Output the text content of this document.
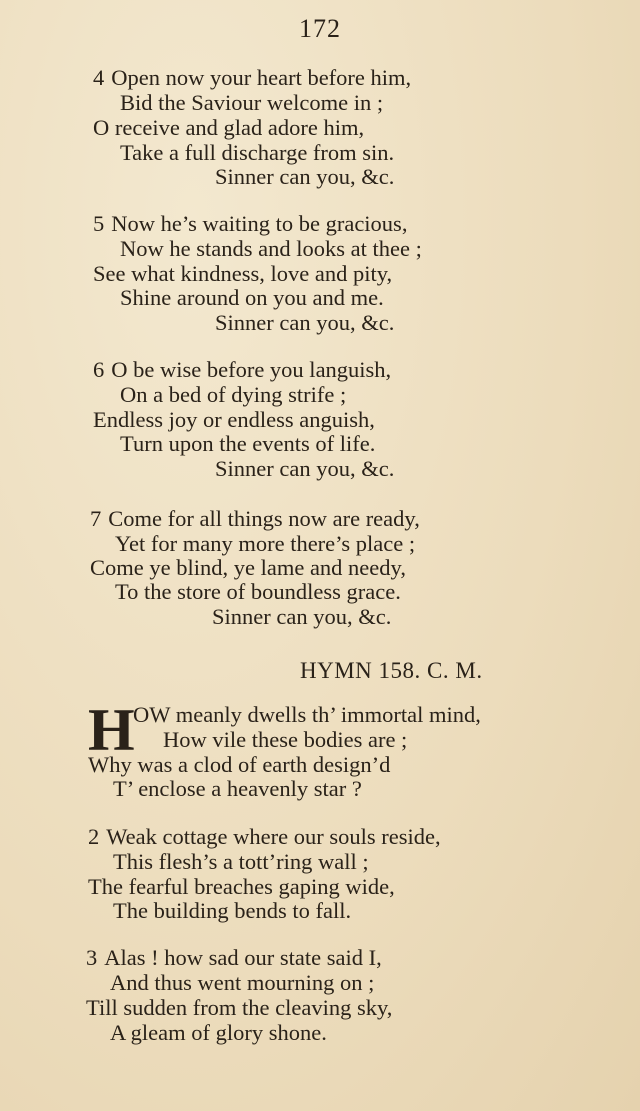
172
4 Open now your heart before him,
Bid the Saviour welcome in ;
O receive and glad adore him,
Take a full discharge from sin.
Sinner can you, &c.
5 Now he’s waiting to be gracious,
Now he stands and looks at thee ;
See what kindness, love and pity,
Shine around on you and me.
Sinner can you, &c.
6 O be wise before you languish,
On a bed of dying strife ;
Endless joy or endless anguish,
Turn upon the events of life.
Sinner can you, &c.
7 Come for all things now are ready,
Yet for many more there’s place ;
Come ye blind, ye lame and needy,
To the store of boundless grace.
Sinner can you, &c.
HYMN 158. C. M.
H
OW meanly dwells th’ immortal mind,
How vile these bodies are ;
Why was a clod of earth design’d
T’ enclose a heavenly star ?
2 Weak cottage where our souls reside,
This flesh’s a tott’ring wall ;
The fearful breaches gaping wide,
The building bends to fall.
3 Alas ! how sad our state said I,
And thus went mourning on ;
Till sudden from the cleaving sky,
A gleam of glory shone.
